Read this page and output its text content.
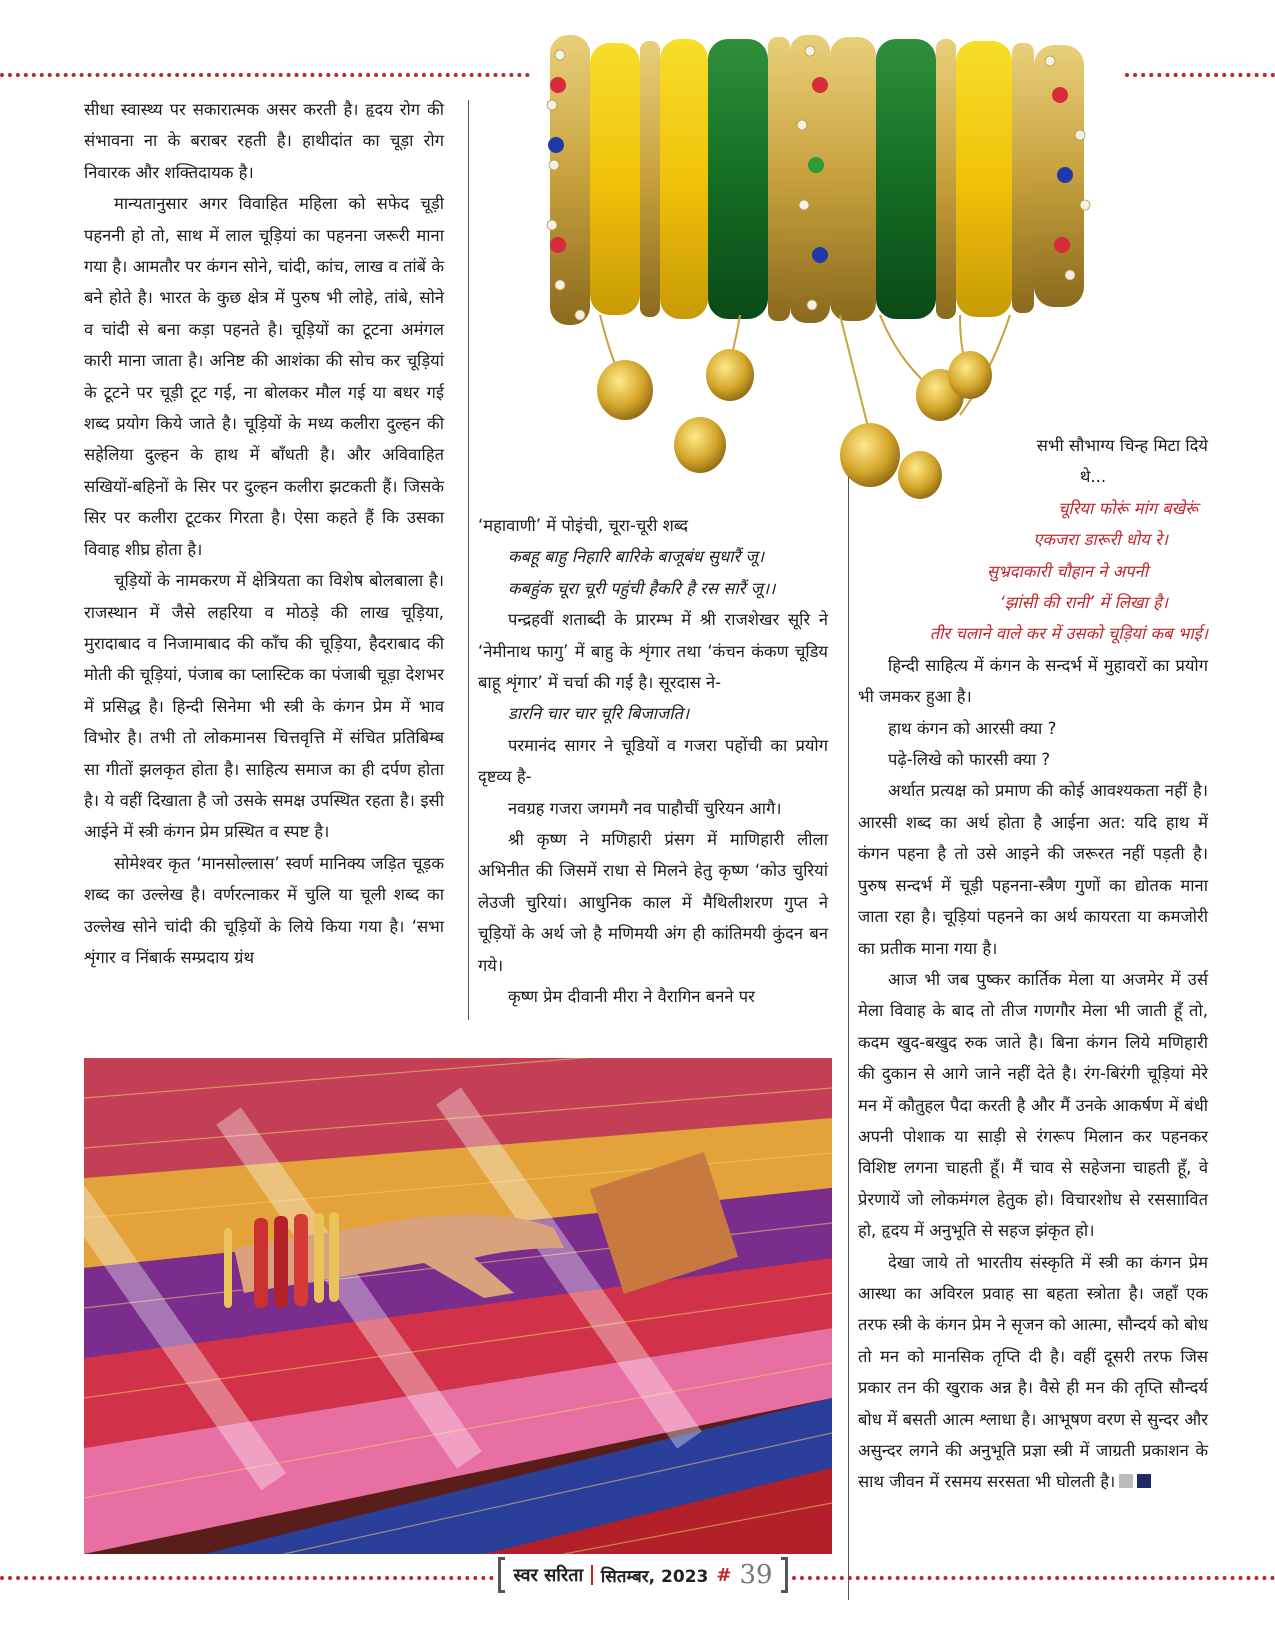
सीधा स्वास्थ्य पर सकारात्मक असर करती है। हृदय रोग की संभावना ना के बराबर रहती है। हाथीदांत का चूड़ा रोग निवारक और शक्तिदायक है।

मान्यतानुसार अगर विवाहित महिला को सफेद चूड़ी पहननी हो तो, साथ में लाल चूड़ियां का पहनना जरूरी माना गया है। आमतौर पर कंगन सोने, चांदी, कांच, लाख व तांबें के बने होते है। भारत के कुछ क्षेत्र में पुरुष भी लोहे, तांबे, सोने व चांदी से बना कड़ा पहनते है। चूड़ियों का टूटना अमंगल कारी माना जाता है। अनिष्ट की आशंका की सोच कर चूड़ियां के टूटने पर चूड़ी टूट गई, ना बोलकर मौल गई या बधर गई शब्द प्रयोग किये जाते है। चूड़ियों के मध्य कलीरा दुल्हन की सहेलिया दुल्हन के हाथ में बाँधती है। और अविवाहित सखियों-बहिनों के सिर पर दुल्हन कलीरा झटकती हैं। जिसके सिर पर कलीरा टूटकर गिरता है। ऐसा कहते हैं कि उसका विवाह शीघ्र होता है।

चूड़ियों के नामकरण में क्षेत्रियता का विशेष बोलबाला है। राजस्थान में जैसे लहरिया व मोठड़े की लाख चूड़िया, मुरादाबाद व निजामाबाद की काँच की चूड़िया, हैदराबाद की मोती की चूड़ियां, पंजाब का प्लास्टिक का पंजाबी चूड़ा देशभर में प्रसिद्ध है। हिन्दी सिनेमा भी स्त्री के कंगन प्रेम में भाव विभोर है। तभी तो लोकमानस चित्तवृत्ति में संचित प्रतिबिम्ब सा गीतों झलकृत होता है। साहित्य समाज का ही दर्पण होता है। ये वहीं दिखाता है जो उसके समक्ष उपस्थित रहता है। इसी आईने में स्त्री कंगन प्रेम प्रस्थित व स्पष्ट है।

सोमेश्वर कृत ‘मानसोल्लास’ स्वर्ण मानिक्य जड़ित चूड़क शब्द का उल्लेख है। वर्णरत्नाकर में चुलि या चूली शब्द का उल्लेख सोने चांदी की चूड़ियों के लिये किया गया है। ‘सभा शृंगार व निंबार्क सम्प्रदाय ग्रंथ

‘महावाणी’ में पोइंची, चूरा-चूरी शब्द

कबहू बाहु निहारि बारिके बाजूबंध सुधारैं जू।

कबहुंक चूरा चूरी पहुंची हैकरि है रस सारैं जू।।

पन्द्रहवीं शताब्दी के प्रारम्भ में श्री राजशेखर सूरि ने ‘नेमीनाथ फागु’ में बाहु के शृंगार तथा ‘कंचन कंकण चूडिय बाहू शृंगार’ में चर्चा की गई है। सूरदास ने-

डारनि चार चार चूरि बिजाजति।

परमानंद सागर ने चूडियों व गजरा पहोंची का प्रयोग दृष्टव्य है-

नवग्रह गजरा जगमगै नव पाहौचीं चुरियन आगै।

श्री कृष्ण ने मणिहारी प्रंसग में माणिहारी लीला अभिनीत की जिसमें राधा से मिलने हेतु कृष्ण ‘कोउ चुरियां लेउजी चुरियां। आधुनिक काल में मैथिलीशरण गुप्त ने चूड़ियों के अर्थ जो है मणिमयी अंग ही कांतिमयी कुंदन बन गये।

कृष्ण प्रेम दीवानी मीरा ने वैरागिन बनने पर

सभी सौभाग्य चिन्ह मिटा दिये

थे...

चूरिया फोरूं मांग बखेरूं

एकजरा डारूरी धोय रे।

सुभ्रदाकारी चौहान ने अपनी

‘झांसी की रानी’ में लिखा है।

तीर चलाने वाले कर में उसको चूड़ियां कब भाई।

हिन्दी साहित्य में कंगन के सन्दर्भ में मुहावरों का प्रयोग भी जमकर हुआ है।

हाथ कंगन को आरसी क्या ?

पढ़े-लिखे को फारसी क्या ?

अर्थात प्रत्यक्ष को प्रमाण की कोई आवश्यकता नहीं है। आरसी शब्द का अर्थ होता है आईना अत: यदि हाथ में कंगन पहना है तो उसे आइने की जरूरत नहीं पड़ती है। पुरुष सन्दर्भ में चूड़ी पहनना-स्त्रैण गुणों का द्योतक माना जाता रहा है। चूड़ियां पहनने का अर्थ कायरता या कमजोरी का प्रतीक माना गया है।

आज भी जब पुष्कर कार्तिक मेला या अजमेर में उर्स मेला विवाह के बाद तो तीज गणगौर मेला भी जाती हूँ तो, कदम खुद-बखुद रुक जाते है। बिना कंगन लिये मणिहारी की दुकान से आगे जाने नहीं देते है। रंग-बिरंगी चूड़ियां मेरे मन में कौतुहल पैदा करती है और मैं उनके आकर्षण में बंधी अपनी पोशाक या साड़ी से रंगरूप मिलान कर पहनकर विशिष्ट लगना चाहती हूँ। मैं चाव से सहेजना चाहती हूँ, वे प्रेरणायें जो लोकमंगल हेतुक हो। विचारशोध से रससाावित हो, हृदय में अनुभूति से सहज झंकृत हो।

देखा जाये तो भारतीय संस्कृति में स्त्री का कंगन प्रेम आस्था का अविरल प्रवाह सा बहता स्त्रोता है। जहाँ एक तरफ स्त्री के कंगन प्रेम ने सृजन को आत्मा, सौन्दर्य को बोध तो मन को मानसिक तृप्ति दी है। वहीं दूसरी तरफ जिस प्रकार तन की खुराक अन्न है। वैसे ही मन की तृप्ति सौन्दर्य बोध में बसती आत्म श्लाधा है। आभूषण वरण से सुन्दर और असुन्दर लगने की अनुभूति प्रज्ञा स्त्री में जाग्रती प्रकाशन के साथ जीवन में रसमय सरसता भी घोलती है।

स्वर सरिता सितम्बर, 2023 # 39
